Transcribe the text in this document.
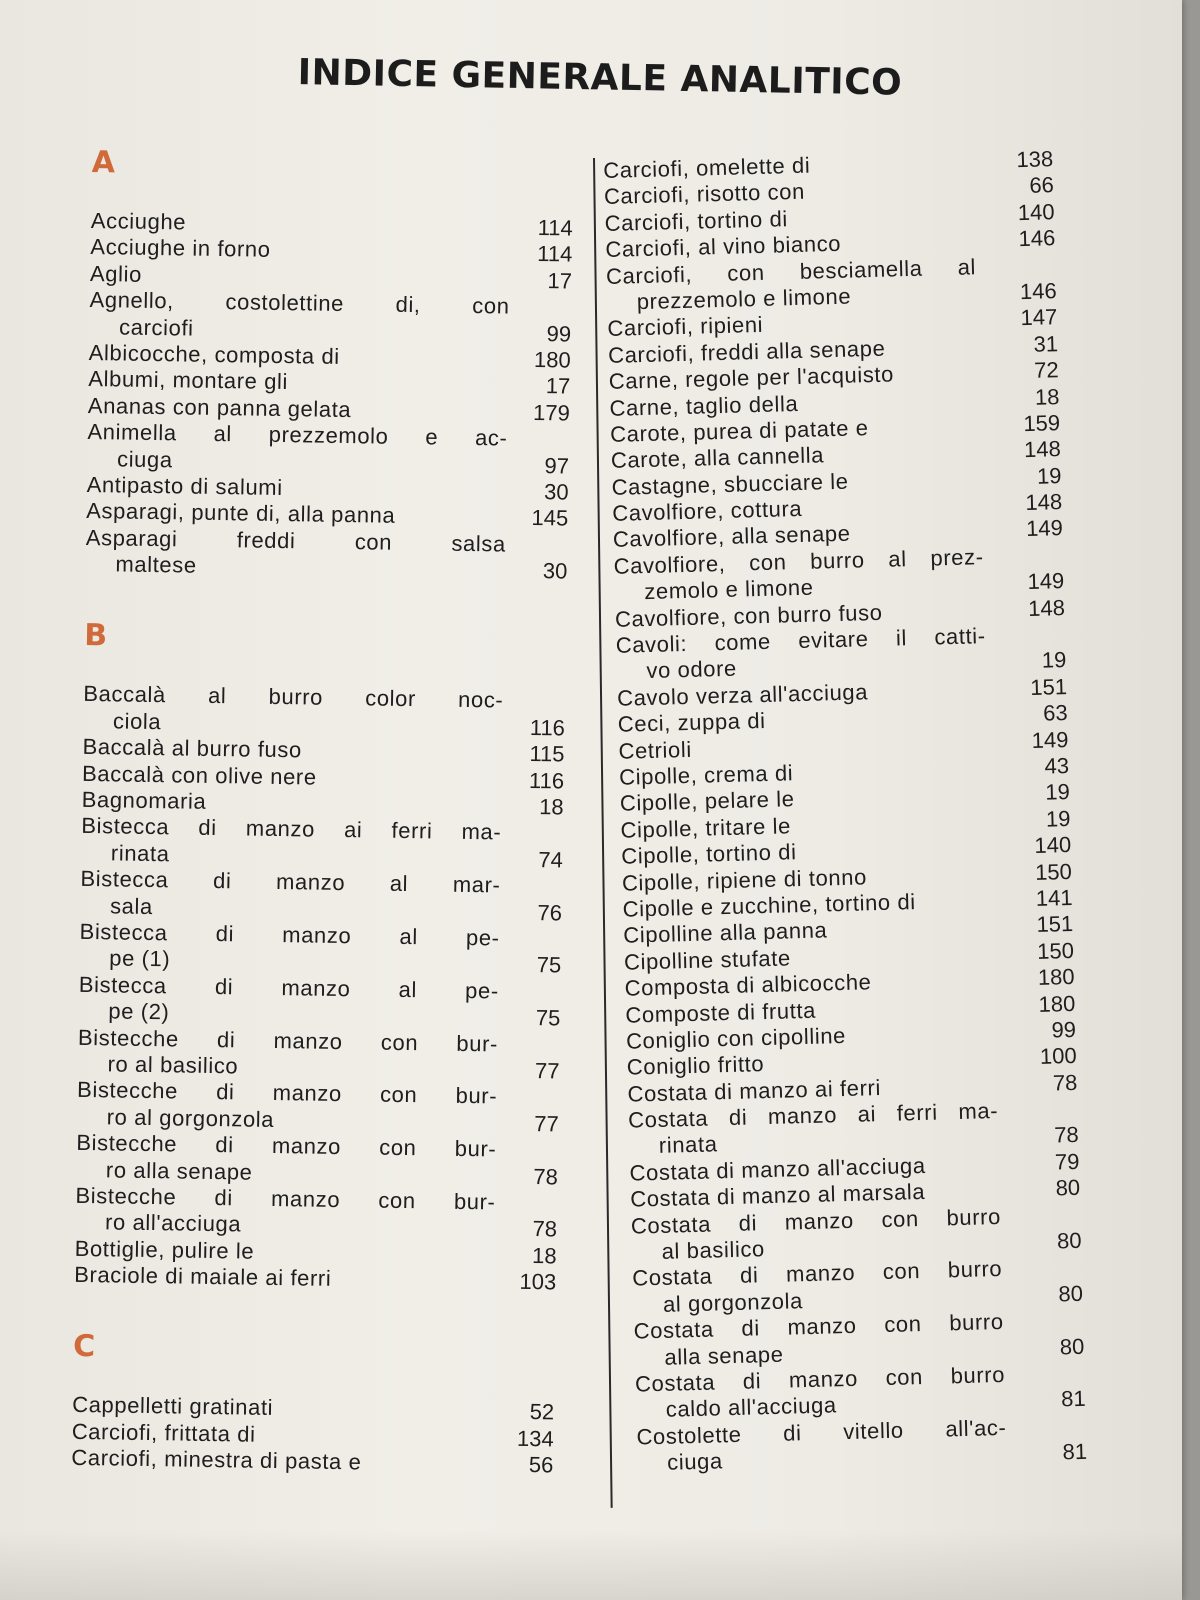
INDICE GENERALE ANALITICO
A
Acciughe	114
Acciughe in forno	114
Aglio	17
Agnello, costolettine di, con
carciofi	99
Albicocche, composta di	180
Albumi, montare gli	17
Ananas con panna gelata	179
Animella al prezzemolo e ac-
ciuga	97
Antipasto di salumi	30
Asparagi, punte di, alla panna	145
Asparagi freddi con salsa
maltese	30
B
Baccalà al burro color noc-
ciola	116
Baccalà al burro fuso	115
Baccalà con olive nere	116
Bagnomaria	18
Bistecca di manzo ai ferri ma-
rinata	74
Bistecca di manzo al mar-
sala	76
Bistecca di manzo al pe-
pe (1)	75
Bistecca di manzo al pe-
pe (2)	75
Bistecche di manzo con bur-
ro al basilico	77
Bistecche di manzo con bur-
ro al gorgonzola	77
Bistecche di manzo con bur-
ro alla senape	78
Bistecche di manzo con bur-
ro all'acciuga	78
Bottiglie, pulire le	18
Braciole di maiale ai ferri	103
C
Cappelletti gratinati	52
Carciofi, frittata di	134
Carciofi, minestra di pasta e	56
Carciofi, omelette di	138
Carciofi, risotto con	66
Carciofi, tortino di	140
Carciofi, al vino bianco	146
Carciofi, con besciamella al
prezzemolo e limone	146
Carciofi, ripieni	147
Carciofi, freddi alla senape	31
Carne, regole per l'acquisto	72
Carne, taglio della	18
Carote, purea di patate e	159
Carote, alla cannella	148
Castagne, sbucciare le	19
Cavolfiore, cottura	148
Cavolfiore, alla senape	149
Cavolfiore, con burro al prez-
zemolo e limone	149
Cavolfiore, con burro fuso	148
Cavoli: come evitare il catti-
vo odore	19
Cavolo verza all'acciuga	151
Ceci, zuppa di	63
Cetrioli	149
Cipolle, crema di	43
Cipolle, pelare le	19
Cipolle, tritare le	19
Cipolle, tortino di	140
Cipolle, ripiene di tonno	150
Cipolle e zucchine, tortino di	141
Cipolline alla panna	151
Cipolline stufate	150
Composta di albicocche	180
Composte di frutta	180
Coniglio con cipolline	99
Coniglio fritto	100
Costata di manzo ai ferri	78
Costata di manzo ai ferri ma-
rinata	78
Costata di manzo all'acciuga	79
Costata di manzo al marsala	80
Costata di manzo con burro
al basilico	80
Costata di manzo con burro
al gorgonzola	80
Costata di manzo con burro
alla senape	80
Costata di manzo con burro
caldo all'acciuga	81
Costolette di vitello all'ac-
ciuga	81
